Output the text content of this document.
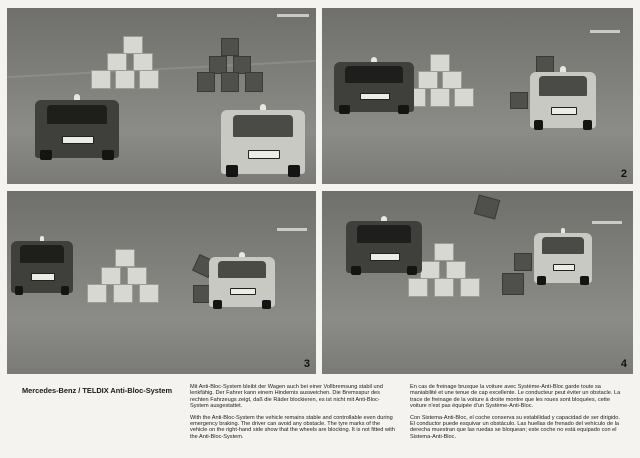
2
3	4
Mercedes-Benz / TELDIX Anti-Bloc-System	Mit Anti-Bloc-System bleibt der Wagen auch bei einer Vollbremsung stabil und lenkfähig. Der Fahrer kann einem Hindernis ausweichen. Die Bremsspur des rechten Fahrzeugs zeigt, daß die Räder blockieren, es ist nicht mit Anti-Bloc-System ausgestattet.

With the Anti-Bloc-System the vehicle remains stable and controllable even during emergency braking. The driver can avoid any obstacle. The tyre marks of the vehicle on the right-hand side show that the wheels are blocking. It is not fitted with the Anti-Bloc-System.

En cas de freinage brusque la voiture avec Système-Anti-Bloc garde toute sa maniabilité et une tenue de cap excellente. Le conducteur peut éviter un obstacle. La trace de freinage de la voiture à droite montre que les roues sont bloquées, cette voiture n'est pas équipée d'un Système-Anti-Bloc.

Con Sistema-Anti-Bloc, el coche conserva su estabilidad y capacidad de ser dirigido. El conductor puede esquivar un obstáculo. Las huellas de frenado del vehículo de la derecha muestran que las ruedas se bloquean; este coche no está equipado con el Sistema-Anti-Bloc.
